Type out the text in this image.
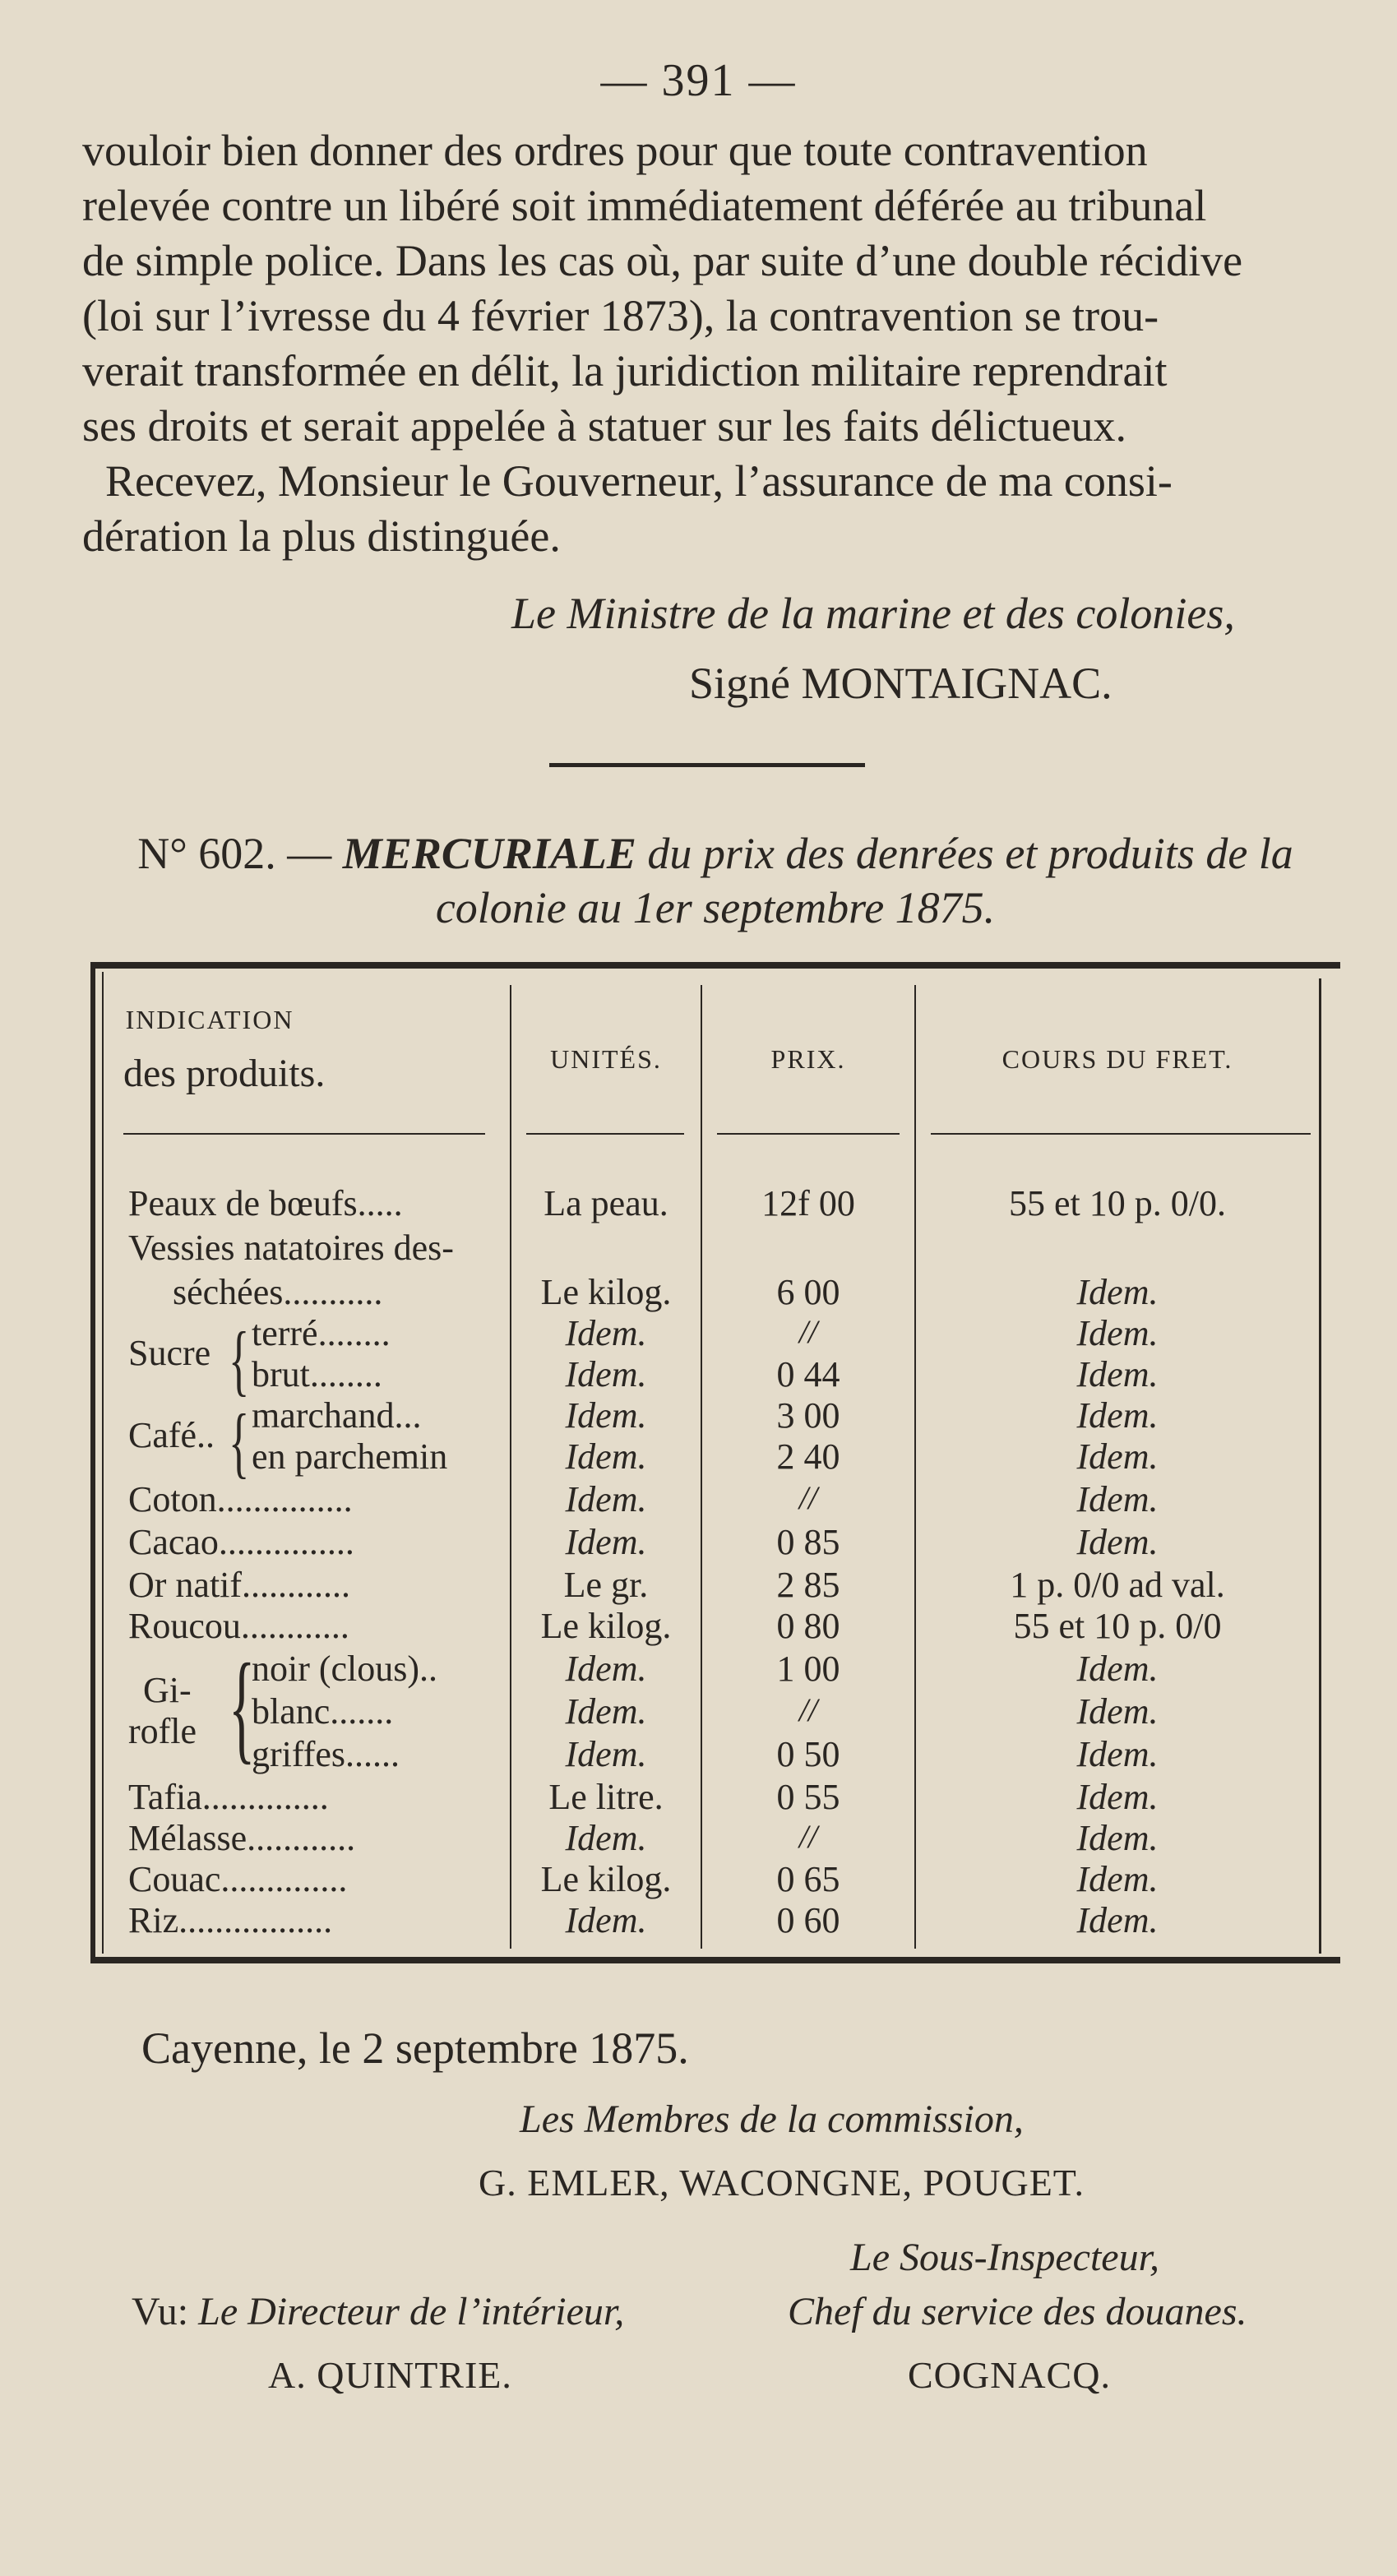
— 391 —
vouloir bien donner des ordres pour que toute contravention
relevée contre un libéré soit immédiatement déférée au tribunal
de simple police. Dans les cas où, par suite d’une double récidive
(loi sur l’ivresse du 4 février 1873), la contravention se trou-
verait transformée en délit, la juridiction militaire reprendrait
ses droits et serait appelée à statuer sur les faits délictueux.
Recevez, Monsieur le Gouverneur, l’assurance de ma consi-
dération la plus distinguée.
Le Ministre de la marine et des colonies,
Signé MONTAIGNAC.
N° 602. — MERCURIALE du prix des denrées et produits de la
colonie au 1er septembre 1875.
INDICATION
des produits.	UNITÉS.	PRIX.	COURS DU FRET.
Peaux de bœufs.....	La peau.	12f 00	55 et 10 p. 0/0.
Vessies natatoires des-
séchées...........	Le kilog.	6 00	Idem.
Sucre { terré........	Idem.	//	Idem.
brut........	Idem.	0 44	Idem.
Café.. { marchand...	Idem.	3 00	Idem.
en parchemin	Idem.	2 40	Idem.
Coton...............	Idem.	//	Idem.
Cacao...............	Idem.	0 85	Idem.
Or natif............	Le gr.	2 85	1 p. 0/0 ad val.
Roucou............	Le kilog.	0 80	55 et 10 p. 0/0
Gi-
rofle {
noir (clous)..	Idem.	1 00	Idem.
blanc.......	Idem.	//	Idem.
griffes......	Idem.	0 50	Idem.
Tafia..............	Le litre.	0 55	Idem.
Mélasse............	Idem.	//	Idem.
Couac..............	Le kilog.	0 65	Idem.
Riz.................	Idem.	0 60	Idem.
Cayenne, le 2 septembre 1875.
Les Membres de la commission,
G. EMLER, WACONGNE, POUGET.
Le Sous-Inspecteur,
Vu: Le Directeur de l’intérieur,	Chef du service des douanes.
A. QUINTRIE.	COGNACQ.
